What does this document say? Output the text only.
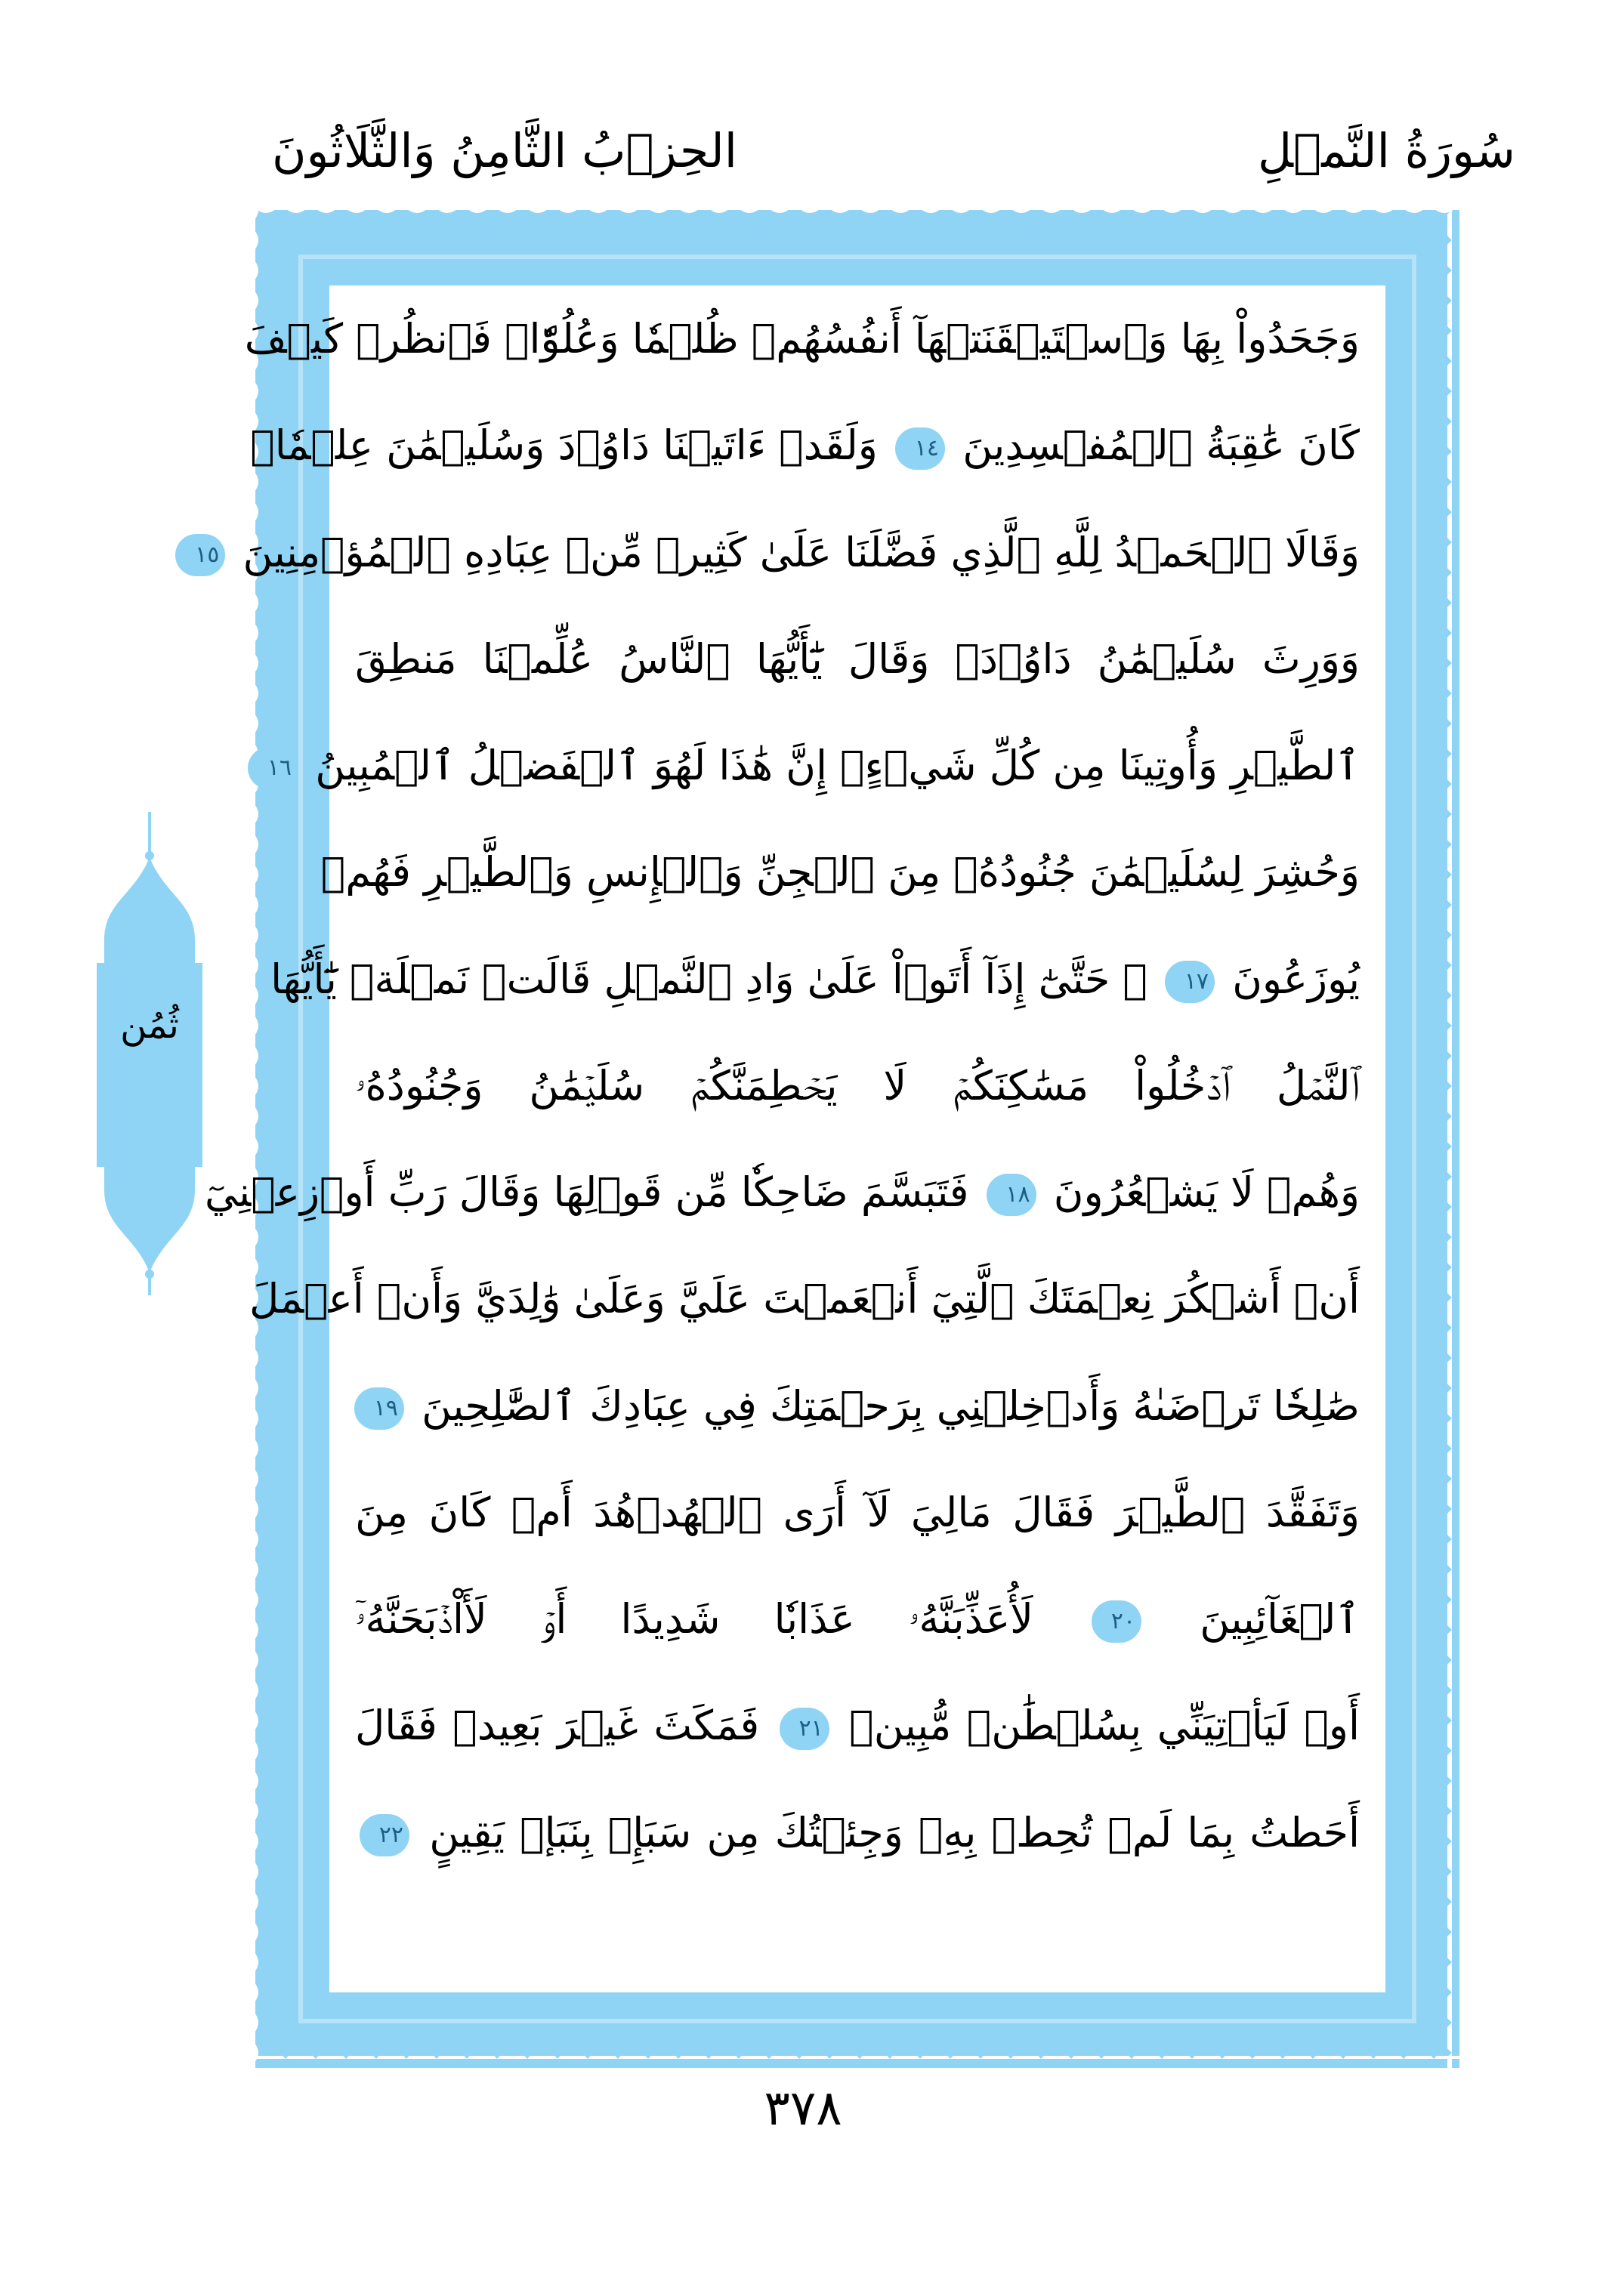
سُورَةُ النَّمۡلِ
الحِزۡبُ الثَّامِنُ وَالثَّلَاثُونَ
وَجَحَدُواْ بِهَا وَٱسۡتَيۡقَنَتۡهَآ أَنفُسُهُمۡ ظُلۡمٗا وَعُلُوّٗاۚ فَٱنظُرۡ كَيۡفَ
كَانَ عَٰقِبَةُ ٱلۡمُفۡسِدِينَ ١٤ وَلَقَدۡ ءَاتَيۡنَا دَاوُۥدَ وَسُلَيۡمَٰنَ عِلۡمٗاۖ
وَقَالَا ٱلۡحَمۡدُ لِلَّهِ ٱلَّذِي فَضَّلَنَا عَلَىٰ كَثِيرٖ مِّنۡ عِبَادِهِ ٱلۡمُؤۡمِنِينَ ١٥
وَوَرِثَ سُلَيۡمَٰنُ دَاوُۥدَۖ وَقَالَ يَٰٓأَيُّهَا ٱلنَّاسُ عُلِّمۡنَا مَنطِقَ
ٱلطَّيۡرِ وَأُوتِينَا مِن كُلِّ شَيۡءٍۖ إِنَّ هَٰذَا لَهُوَ ٱلۡفَضۡلُ ٱلۡمُبِينُ ١٦
وَحُشِرَ لِسُلَيۡمَٰنَ جُنُودُهُۥ مِنَ ٱلۡجِنِّ وَٱلۡإِنسِ وَٱلطَّيۡرِ فَهُمۡ
يُوزَعُونَ ١٧ ۞ حَتَّىٰٓ إِذَآ أَتَوۡاْ عَلَىٰ وَادِ ٱلنَّمۡلِ قَالَتۡ نَمۡلَةٞ يَٰٓأَيُّهَا
ٱلنَّمۡلُ ٱدۡخُلُواْ مَسَٰكِنَكُمۡ لَا يَحۡطِمَنَّكُمۡ سُلَيۡمَٰنُ وَجُنُودُهُۥ
وَهُمۡ لَا يَشۡعُرُونَ ١٨ فَتَبَسَّمَ ضَاحِكٗا مِّن قَوۡلِهَا وَقَالَ رَبِّ أَوۡزِعۡنِيٓ
أَنۡ أَشۡكُرَ نِعۡمَتَكَ ٱلَّتِيٓ أَنۡعَمۡتَ عَلَيَّ وَعَلَىٰ وَٰلِدَيَّ وَأَنۡ أَعۡمَلَ
صَٰلِحٗا تَرۡضَىٰهُ وَأَدۡخِلۡنِي بِرَحۡمَتِكَ فِي عِبَادِكَ ٱلصَّٰلِحِينَ ١٩
وَتَفَقَّدَ ٱلطَّيۡرَ فَقَالَ مَالِيَ لَآ أَرَى ٱلۡهُدۡهُدَ أَمۡ كَانَ مِنَ
ٱلۡغَآئِبِينَ ٢٠ لَأُعَذِّبَنَّهُۥ عَذَابٗا شَدِيدًا أَوۡ لَأَاْذۡبَحَنَّهُۥٓ
أَوۡ لَيَأۡتِيَنِّي بِسُلۡطَٰنٖ مُّبِينٖ ٢١ فَمَكَثَ غَيۡرَ بَعِيدٖ فَقَالَ
أَحَطتُ بِمَا لَمۡ تُحِطۡ بِهِۦ وَجِئۡتُكَ مِن سَبَإِۭ بِنَبَإٖ يَقِينٍ ٢٢
ثُمُن
٣٧٨
